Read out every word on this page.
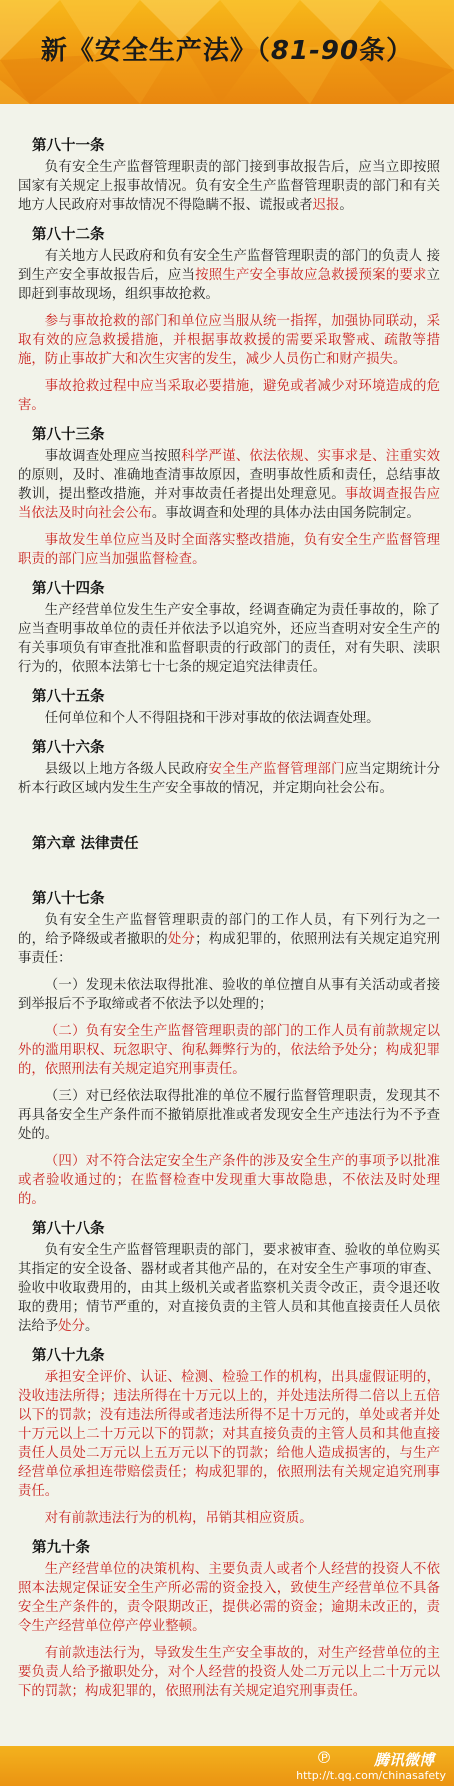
新《安全生产法》（81-90条）
第八十一条

负有安全生产监督管理职责的部门接到事故报告后，应当立即按照国家有关规定上报事故情况。负有安全生产监督管理职责的部门和有关地方人民政府对事故情况不得隐瞒不报、谎报或者迟报。

第八十二条

有关地方人民政府和负有安全生产监督管理职责的部门的负责人 接到生产安全事故报告后，应当按照生产安全事故应急救援预案的要求立即赶到事故现场，组织事故抢救。

参与事故抢救的部门和单位应当服从统一指挥，加强协同联动，采取有效的应急救援措施，并根据事故救援的需要采取警戒、疏散等措施，防止事故扩大和次生灾害的发生，减少人员伤亡和财产损失。

事故抢救过程中应当采取必要措施，避免或者减少对环境造成的危害。

第八十三条

事故调查处理应当按照科学严谨、依法依规、实事求是、注重实效的原则，及时、准确地查清事故原因，查明事故性质和责任，总结事故教训，提出整改措施，并对事故责任者提出处理意见。事故调查报告应当依法及时向社会公布。事故调查和处理的具体办法由国务院制定。

事故发生单位应当及时全面落实整改措施，负有安全生产监督管理职责的部门应当加强监督检查。

第八十四条

生产经营单位发生生产安全事故，经调查确定为责任事故的，除了应当查明事故单位的责任并依法予以追究外，还应当查明对安全生产的有关事项负有审查批准和监督职责的行政部门的责任，对有失职、渎职行为的，依照本法第七十七条的规定追究法律责任。

第八十五条

任何单位和个人不得阻挠和干涉对事故的依法调查处理。

第八十六条

县级以上地方各级人民政府安全生产监督管理部门应当定期统计分析本行政区域内发生生产安全事故的情况，并定期向社会公布。

第六章 法律责任
第八十七条

负有安全生产监督管理职责的部门的工作人员，有下列行为之一的，给予降级或者撤职的处分；构成犯罪的，依照刑法有关规定追究刑事责任：

（一）发现未依法取得批准、验收的单位擅自从事有关活动或者接到举报后不予取缔或者不依法予以处理的；

（二）负有安全生产监督管理职责的部门的工作人员有前款规定以外的滥用职权、玩忽职守、徇私舞弊行为的，依法给予处分；构成犯罪的，依照刑法有关规定追究刑事责任。

（三）对已经依法取得批准的单位不履行监督管理职责，发现其不再具备安全生产条件而不撤销原批准或者发现安全生产违法行为不予查处的。

（四）对不符合法定安全生产条件的涉及安全生产的事项予以批准或者验收通过的；在监督检查中发现重大事故隐患，不依法及时处理的。

第八十八条

负有安全生产监督管理职责的部门，要求被审查、验收的单位购买其指定的安全设备、器材或者其他产品的，在对安全生产事项的审查、验收中收取费用的，由其上级机关或者监察机关责令改正，责令退还收取的费用；情节严重的，对直接负责的主管人员和其他直接责任人员依法给予处分。

第八十九条

承担安全评价、认证、检测、检验工作的机构，出具虚假证明的，没收违法所得；违法所得在十万元以上的，并处违法所得二倍以上五倍以下的罚款；没有违法所得或者违法所得不足十万元的，单处或者并处十万元以上二十万元以下的罚款；对其直接负责的主管人员和其他直接责任人员处二万元以上五万元以下的罚款；给他人造成损害的，与生产经营单位承担连带赔偿责任；构成犯罪的，依照刑法有关规定追究刑事责任。

对有前款违法行为的机构，吊销其相应资质。

第九十条

生产经营单位的决策机构、主要负责人或者个人经营的投资人不依照本法规定保证安全生产所必需的资金投入，致使生产经营单位不具备安全生产条件的，责令限期改正，提供必需的资金；逾期未改正的，责令生产经营单位停产停业整顿。

有前款违法行为，导致发生生产安全事故的，对生产经营单位的主要负责人给予撤职处分，对个人经营的投资人处二万元以上二十万元以下的罚款；构成犯罪的，依照刑法有关规定追究刑事责任。

℗	腾讯微博
http://t.qq.com/chinasafety
